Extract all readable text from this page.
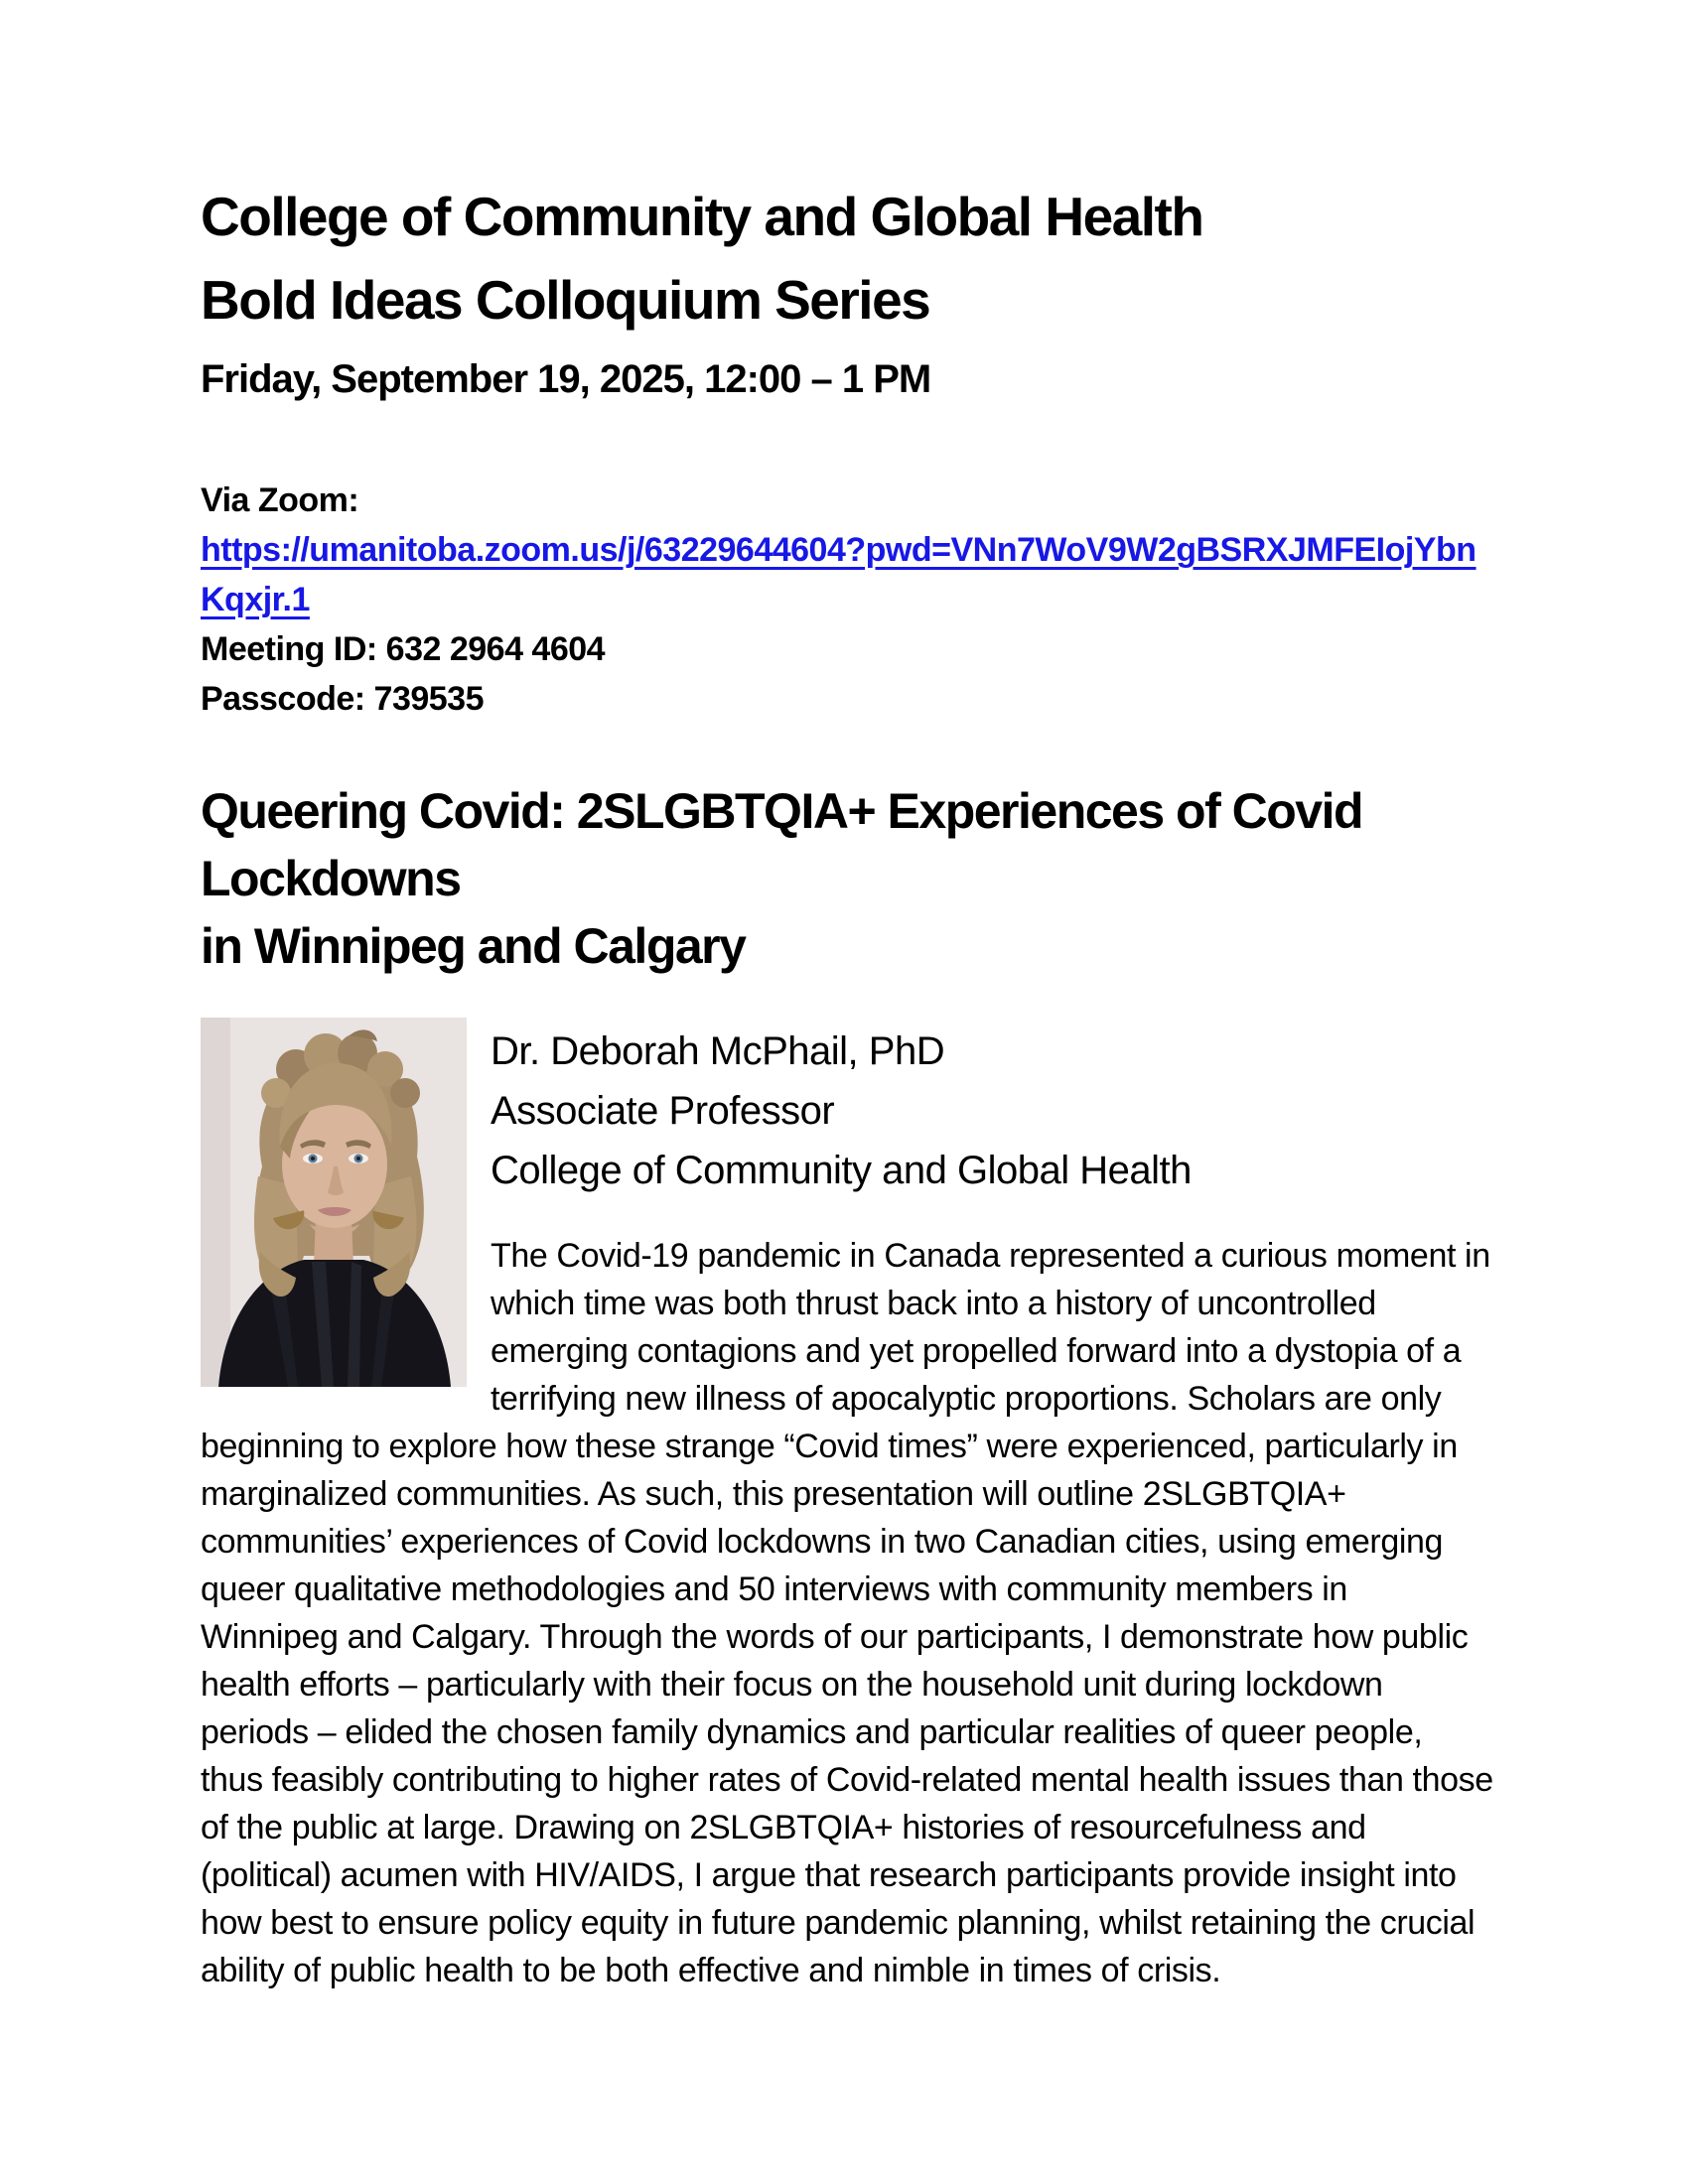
College of Community and Global Health
Bold Ideas Colloquium Series
Friday, September 19, 2025, 12:00 – 1 PM
Via Zoom:
https://umanitoba.zoom.us/j/63229644604?pwd=VNn7WoV9W2gBSRXJMFEIojYbnKqxjr.1
Meeting ID: 632 2964 4604
Passcode: 739535
Queering Covid: 2SLGBTQIA+ Experiences of Covid Lockdowns
in Winnipeg and Calgary
Dr. Deborah McPhail, PhD
Associate Professor
College of Community and Global Health

The Covid-19 pandemic in Canada represented a curious moment in which time was both thrust back into a history of uncontrolled emerging contagions and yet propelled forward into a dystopia of a terrifying new illness of apocalyptic proportions. Scholars are only beginning to explore how these strange “Covid times” were experienced, particularly in marginalized communities. As such, this presentation will outline 2SLGBTQIA+ communities’ experiences of Covid lockdowns in two Canadian cities, using emerging queer qualitative methodologies and 50 interviews with community members in Winnipeg and Calgary. Through the words of our participants, I demonstrate how public health efforts – particularly with their focus on the household unit during lockdown periods – elided the chosen family dynamics and particular realities of queer people, thus feasibly contributing to higher rates of Covid-related mental health issues than those of the public at large. Drawing on 2SLGBTQIA+ histories of resourcefulness and (political) acumen with HIV/AIDS, I argue that research participants provide insight into how best to ensure policy equity in future pandemic planning, whilst retaining the crucial ability of public health to be both effective and nimble in times of crisis.
